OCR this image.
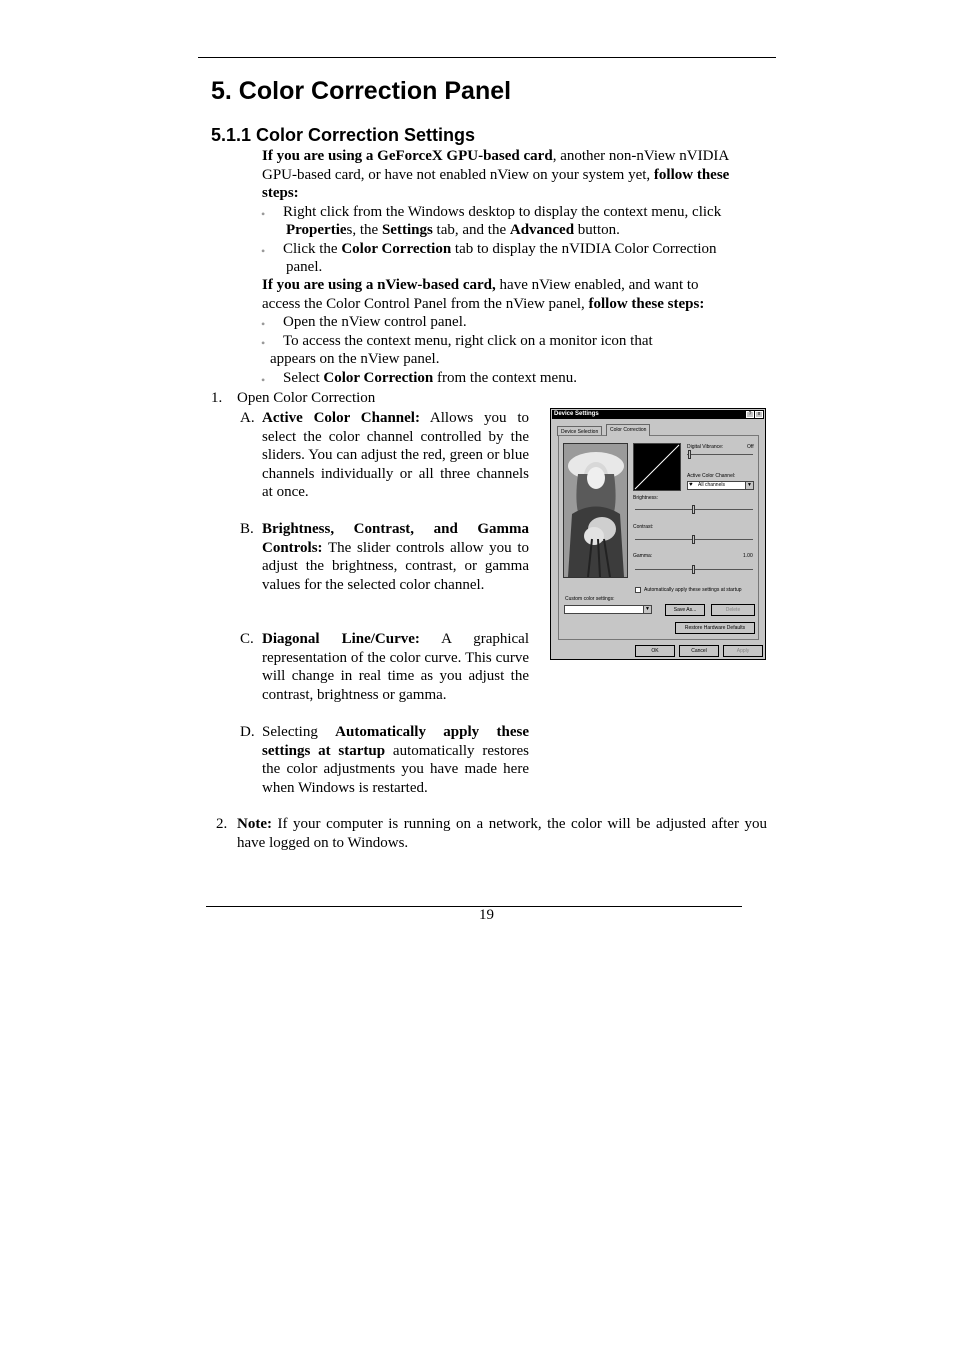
5. Color Correction Panel
5.1.1 Color Correction Settings
If you are using a GeForceX GPU-based card, another non-nView nVIDIA
GPU-based card, or have not enabled nView on your system yet, follow these
steps:
• Right click from the Windows desktop to display the context menu, click
Properties, the Settings tab, and the Advanced button.
• Click the Color Correction tab to display the nVIDIA Color Correction
panel.
If you are using a nView-based card, have nView enabled, and want to
access the Color Control Panel from the nView panel, follow these steps:
• Open the nView control panel.
• To access the context menu, right click on a monitor icon that
appears on the nView panel.
• Select Color Correction from the context menu.
1. Open Color Correction
A. Active Color Channel: Allows you to select the color channel controlled by the sliders. You can adjust the red, green or blue channels individually or all three channels at once.
B. Brightness, Contrast, and Gamma Controls: The slider controls allow you to adjust the brightness, contrast, or gamma values for the selected color channel.
C. Diagonal Line/Curve: A graphical representation of the color curve. This curve will change in real time as you adjust the contrast, brightness or gamma.
D. Selecting Automatically apply these settings at startup automatically restores the color adjustments you have made here when Windows is restarted.
2. Note: If your computer is running on a network, the color will be adjusted after you have logged on to Windows.
Device Settings	?	x
Device Selection	Color Correction
Digital Vibrance:	Off
Active Color Channel:
♥ All channels	▼
Brightness:
Contrast:
Gamma:	1.00
Automatically apply these settings at startup
Custom color settings:
▼	Save As...	Delete
Restore Hardware Defaults
OK	Cancel	Apply
19
